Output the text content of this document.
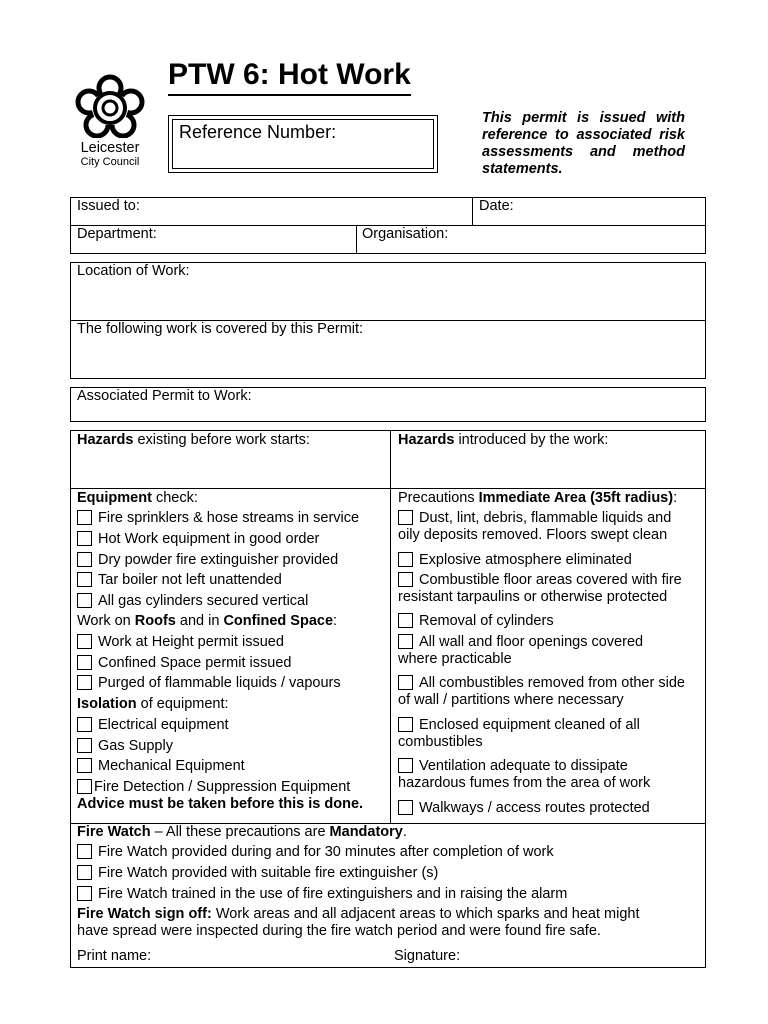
Leicester
City Council
PTW 6: Hot Work
Reference Number:
This permit is issued with reference to associated risk assessments and method statements.
Issued to:	Date:
Department:	Organisation:
Location of Work:
The following work is covered by this Permit:
Associated Permit to Work:
Hazards existing before work starts:	Hazards introduced by the work:
Equipment check:
Fire sprinklers & hose streams in service
Hot Work equipment in good order
Dry powder fire extinguisher provided
Tar boiler not left unattended
All gas cylinders secured vertical
Work on Roofs and in Confined Space:
Work at Height permit issued
Confined Space permit issued
Purged of flammable liquids / vapours
Isolation of equipment:
Electrical equipment
Gas Supply
Mechanical Equipment
Fire Detection / Suppression Equipment
Advice must be taken before this is done.
Precautions Immediate Area (35ft radius):
Dust, lint, debris, flammable liquids and
oily deposits removed. Floors swept clean
Explosive atmosphere eliminated
Combustible floor areas covered with fire
resistant tarpaulins or otherwise protected
Removal of cylinders
All wall and floor openings covered
where practicable
All combustibles removed from other side
of wall / partitions where necessary
Enclosed equipment cleaned of all
combustibles
Ventilation adequate to dissipate
hazardous fumes from the area of work
Walkways / access routes protected
Fire Watch – All these precautions are Mandatory.
Fire Watch provided during and for 30 minutes after completion of work
Fire Watch provided with suitable fire extinguisher (s)
Fire Watch trained in the use of fire extinguishers and in raising the alarm
Fire Watch sign off: Work areas and all adjacent areas to which sparks and heat might
have spread were inspected during the fire watch period and were found fire safe.
Print name:	Signature:
